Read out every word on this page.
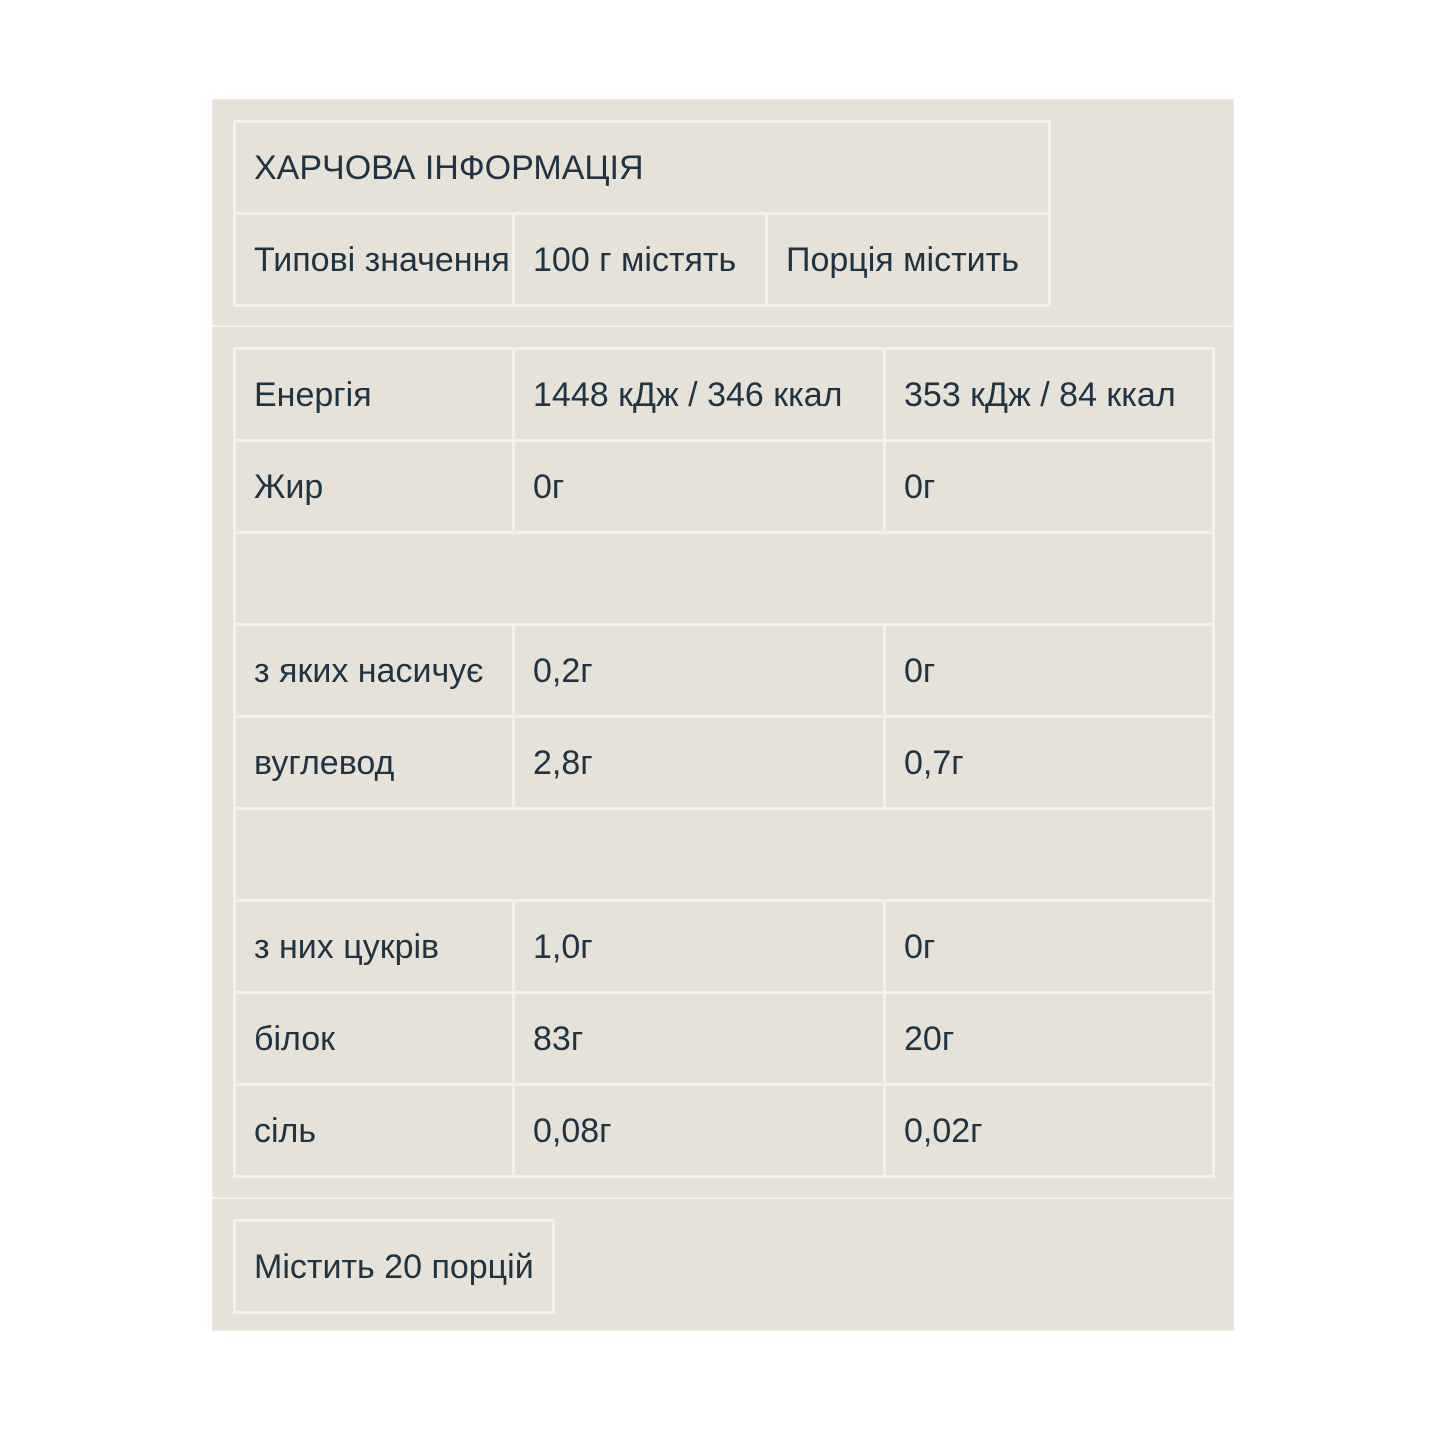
ХАРЧОВА ІНФОРМАЦІЯ
Типові значення	100 г містять	Порція містить
Енергія	1448 кДж / 346 ккал	353 кДж / 84 ккал
Жир	0г	0г

з яких насичує	0,2г	0г
вуглевод	2,8г	0,7г

з них цукрів	1,0г	0г
білок	83г	20г
сіль	0,08г	0,02г
Містить 20 порцій
